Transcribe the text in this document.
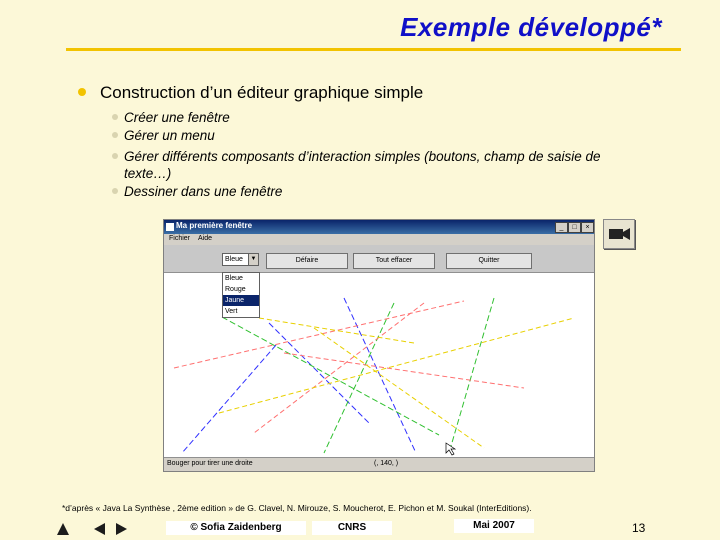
Exemple développé*
Construction d’un éditeur graphique simple
Créer une fenêtre
Gérer un menu
Gérer différents composants d’interaction simples (boutons, champ de saisie de
texte…)
Dessiner dans une fenêtre
Ma première fenêtre	_	□	×
Fichier Aide
Bleue	▼	Défaire	Tout effacer	Quitter
Bleue
Rouge
Jaune
Vert
Bouger pour tirer une droite	(, 140, )
*d’après « Java La Synthèse , 2ème edition » de G. Clavel, N. Mirouze, S. Moucherot, E. Pichon et M. Soukal (InterEditions).
© Sofia Zaidenberg	CNRS	Mai 2007	13
